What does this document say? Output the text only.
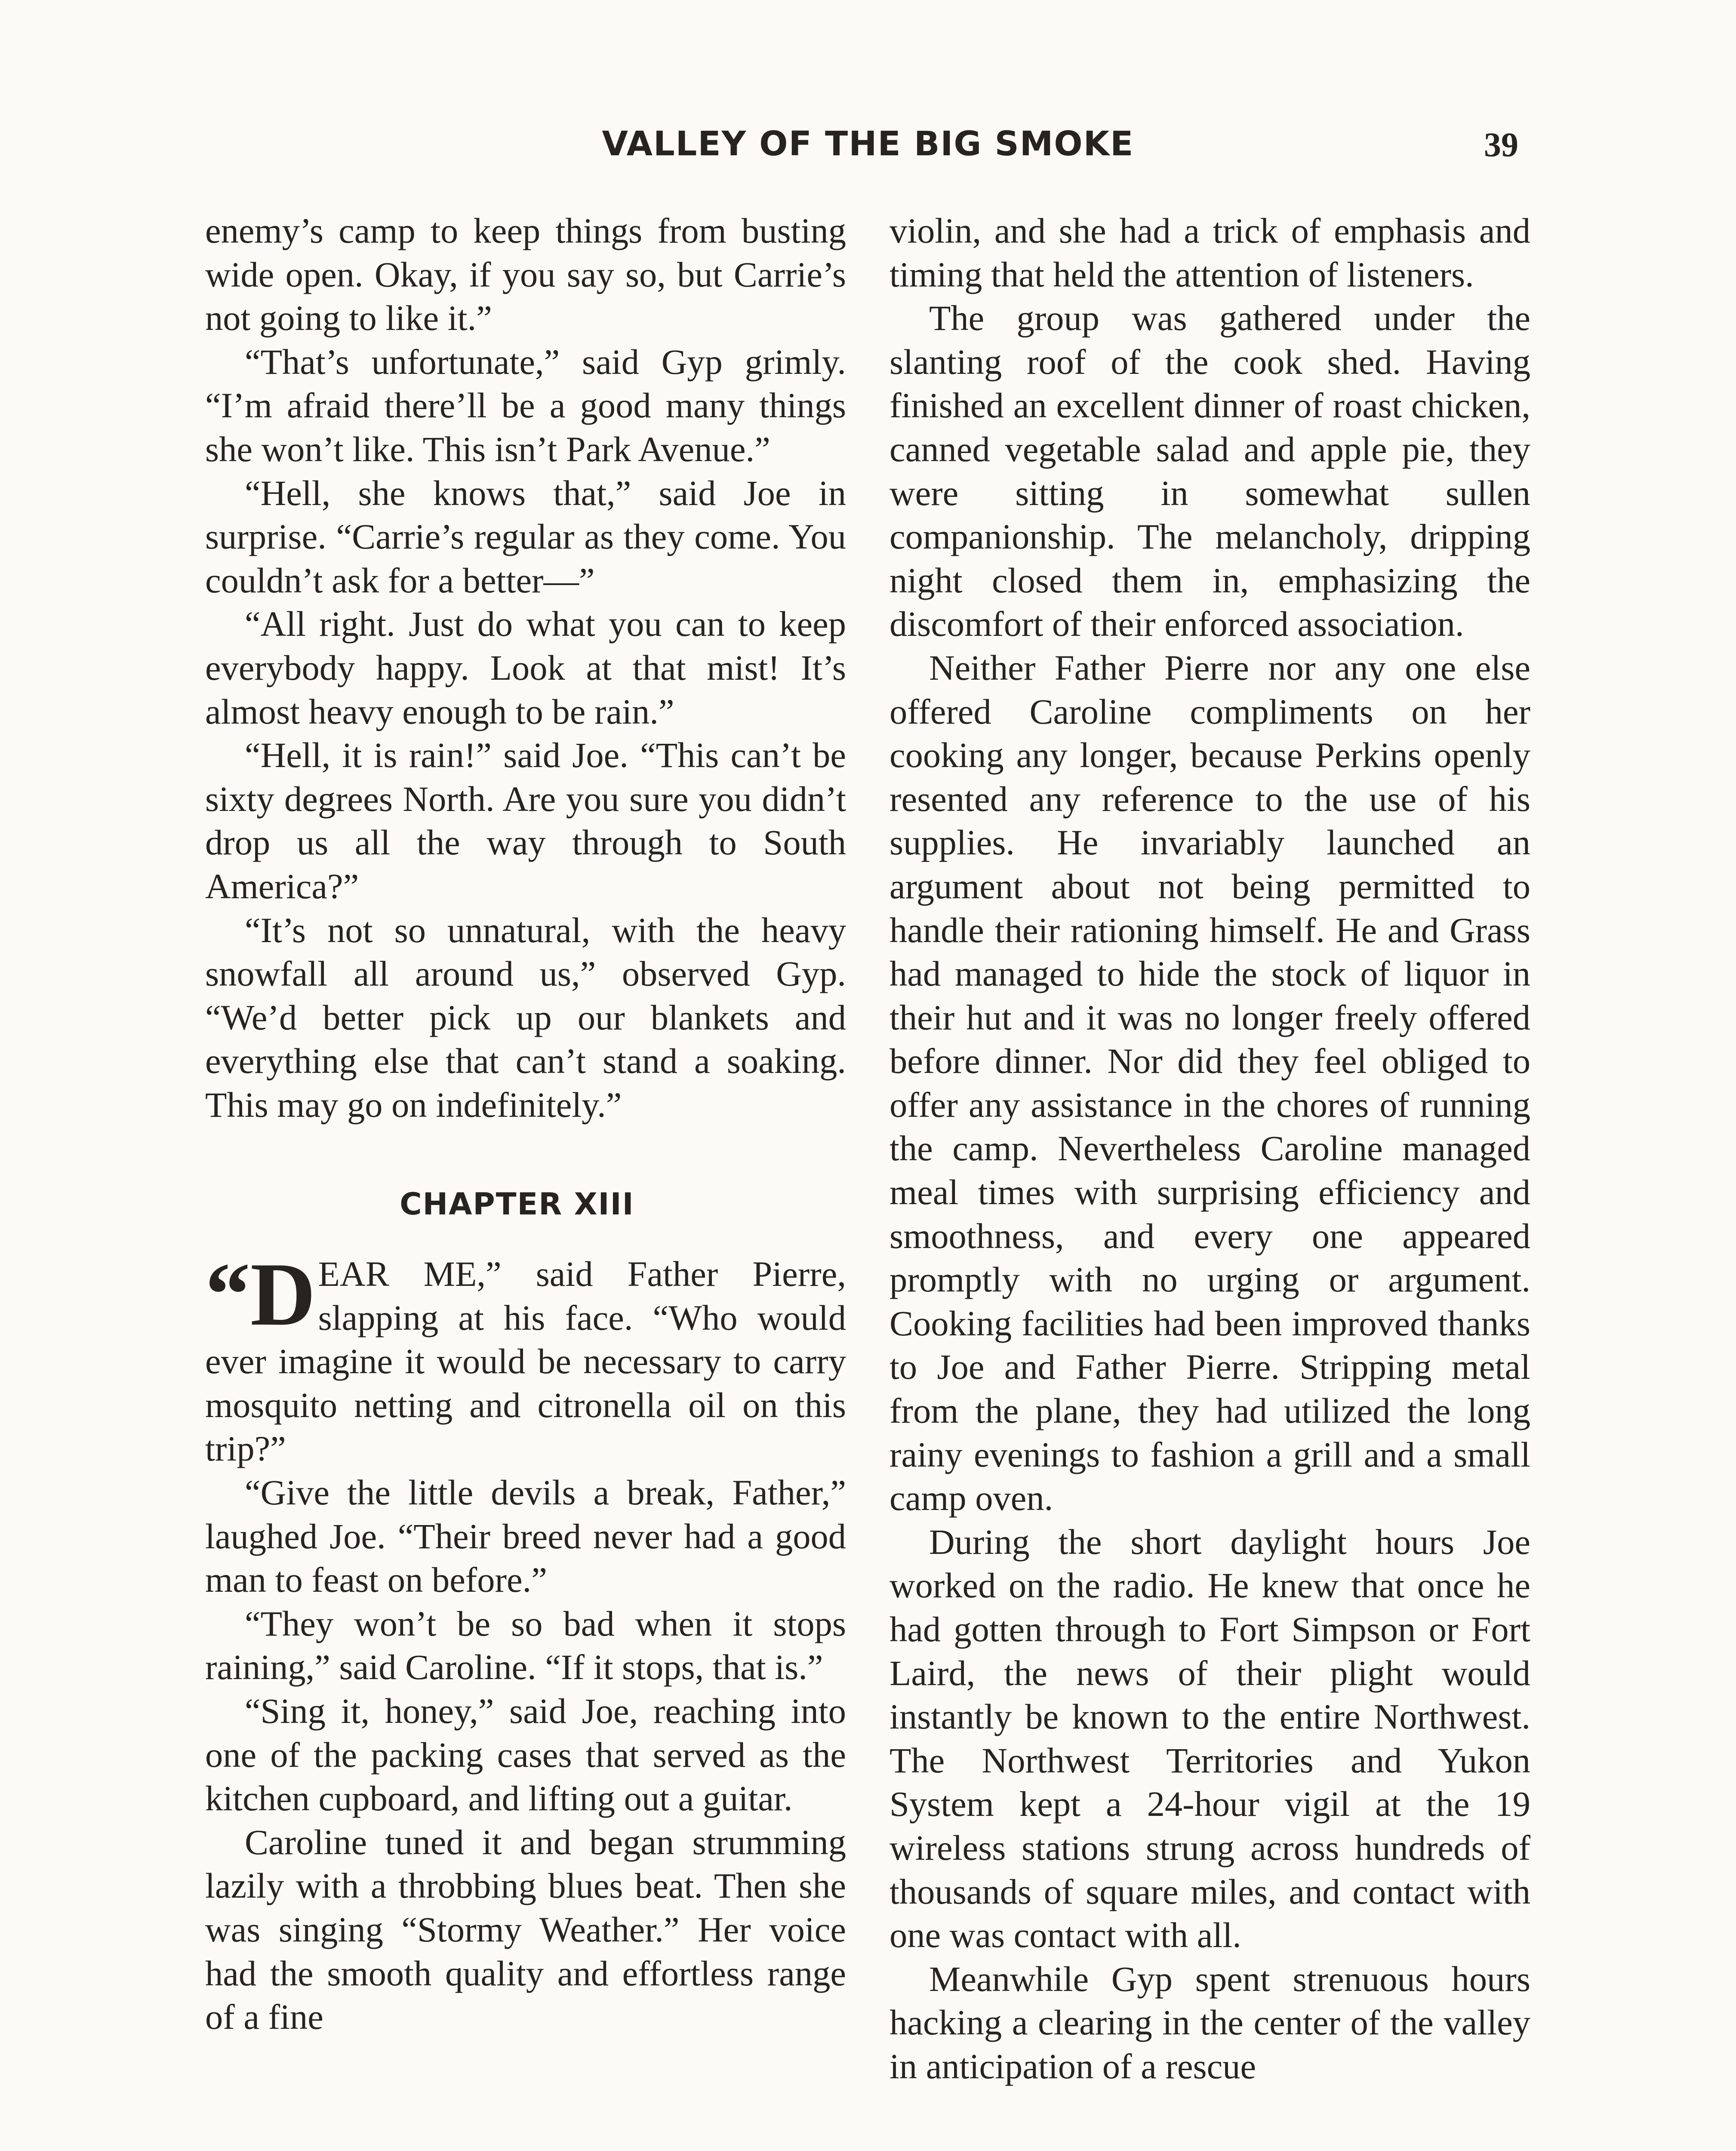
VALLEY OF THE BIG SMOKE	39

enemy’s camp to keep things from busting wide open. Okay, if you say so, but Carrie’s not going to like it.”

“That’s unfortunate,” said Gyp grimly. “I’m afraid there’ll be a good many things she won’t like. This isn’t Park Avenue.”

“Hell, she knows that,” said Joe in surprise. “Carrie’s regular as they come. You couldn’t ask for a better—”

“All right. Just do what you can to keep everybody happy. Look at that mist! It’s almost heavy enough to be rain.”

“Hell, it is rain!” said Joe. “This can’t be sixty degrees North. Are you sure you didn’t drop us all the way through to South America?”

“It’s not so unnatural, with the heavy snowfall all around us,” observed Gyp. “We’d better pick up our blankets and everything else that can’t stand a soaking. This may go on indefinitely.”

CHAPTER XIII

“D EAR ME,” said Father Pierre, slapping at his face. “Who would ever imagine it would be necessary to carry mosquito netting and citronella oil on this trip?”

“Give the little devils a break, Father,” laughed Joe. “Their breed never had a good man to feast on before.”

“They won’t be so bad when it stops raining,” said Caroline. “If it stops, that is.”

“Sing it, honey,” said Joe, reaching into one of the packing cases that served as the kitchen cupboard, and lifting out a guitar.

Caroline tuned it and began strumming lazily with a throbbing blues beat. Then she was singing “Stormy Weather.” Her voice had the smooth quality and effortless range of a fine

violin, and she had a trick of emphasis and timing that held the attention of listeners.

The group was gathered under the slanting roof of the cook shed. Having finished an excellent dinner of roast chicken, canned vegetable salad and apple pie, they were sitting in somewhat sullen companionship. The melancholy, dripping night closed them in, emphasizing the discomfort of their enforced association.

Neither Father Pierre nor any one else offered Caroline compliments on her cooking any longer, because Perkins openly resented any reference to the use of his supplies. He invariably launched an argument about not being permitted to handle their rationing himself. He and Grass had managed to hide the stock of liquor in their hut and it was no longer freely offered before dinner. Nor did they feel obliged to offer any assistance in the chores of running the camp. Nevertheless Caroline managed meal times with surprising efficiency and smoothness, and every one appeared promptly with no urging or argument. Cooking facilities had been improved thanks to Joe and Father Pierre. Stripping metal from the plane, they had utilized the long rainy evenings to fashion a grill and a small camp oven.

During the short daylight hours Joe worked on the radio. He knew that once he had gotten through to Fort Simpson or Fort Laird, the news of their plight would instantly be known to the entire Northwest. The Northwest Territories and Yukon System kept a 24-hour vigil at the 19 wireless stations strung across hundreds of thousands of square miles, and contact with one was contact with all.

Meanwhile Gyp spent strenuous hours hacking a clearing in the center of the valley in anticipation of a rescue
